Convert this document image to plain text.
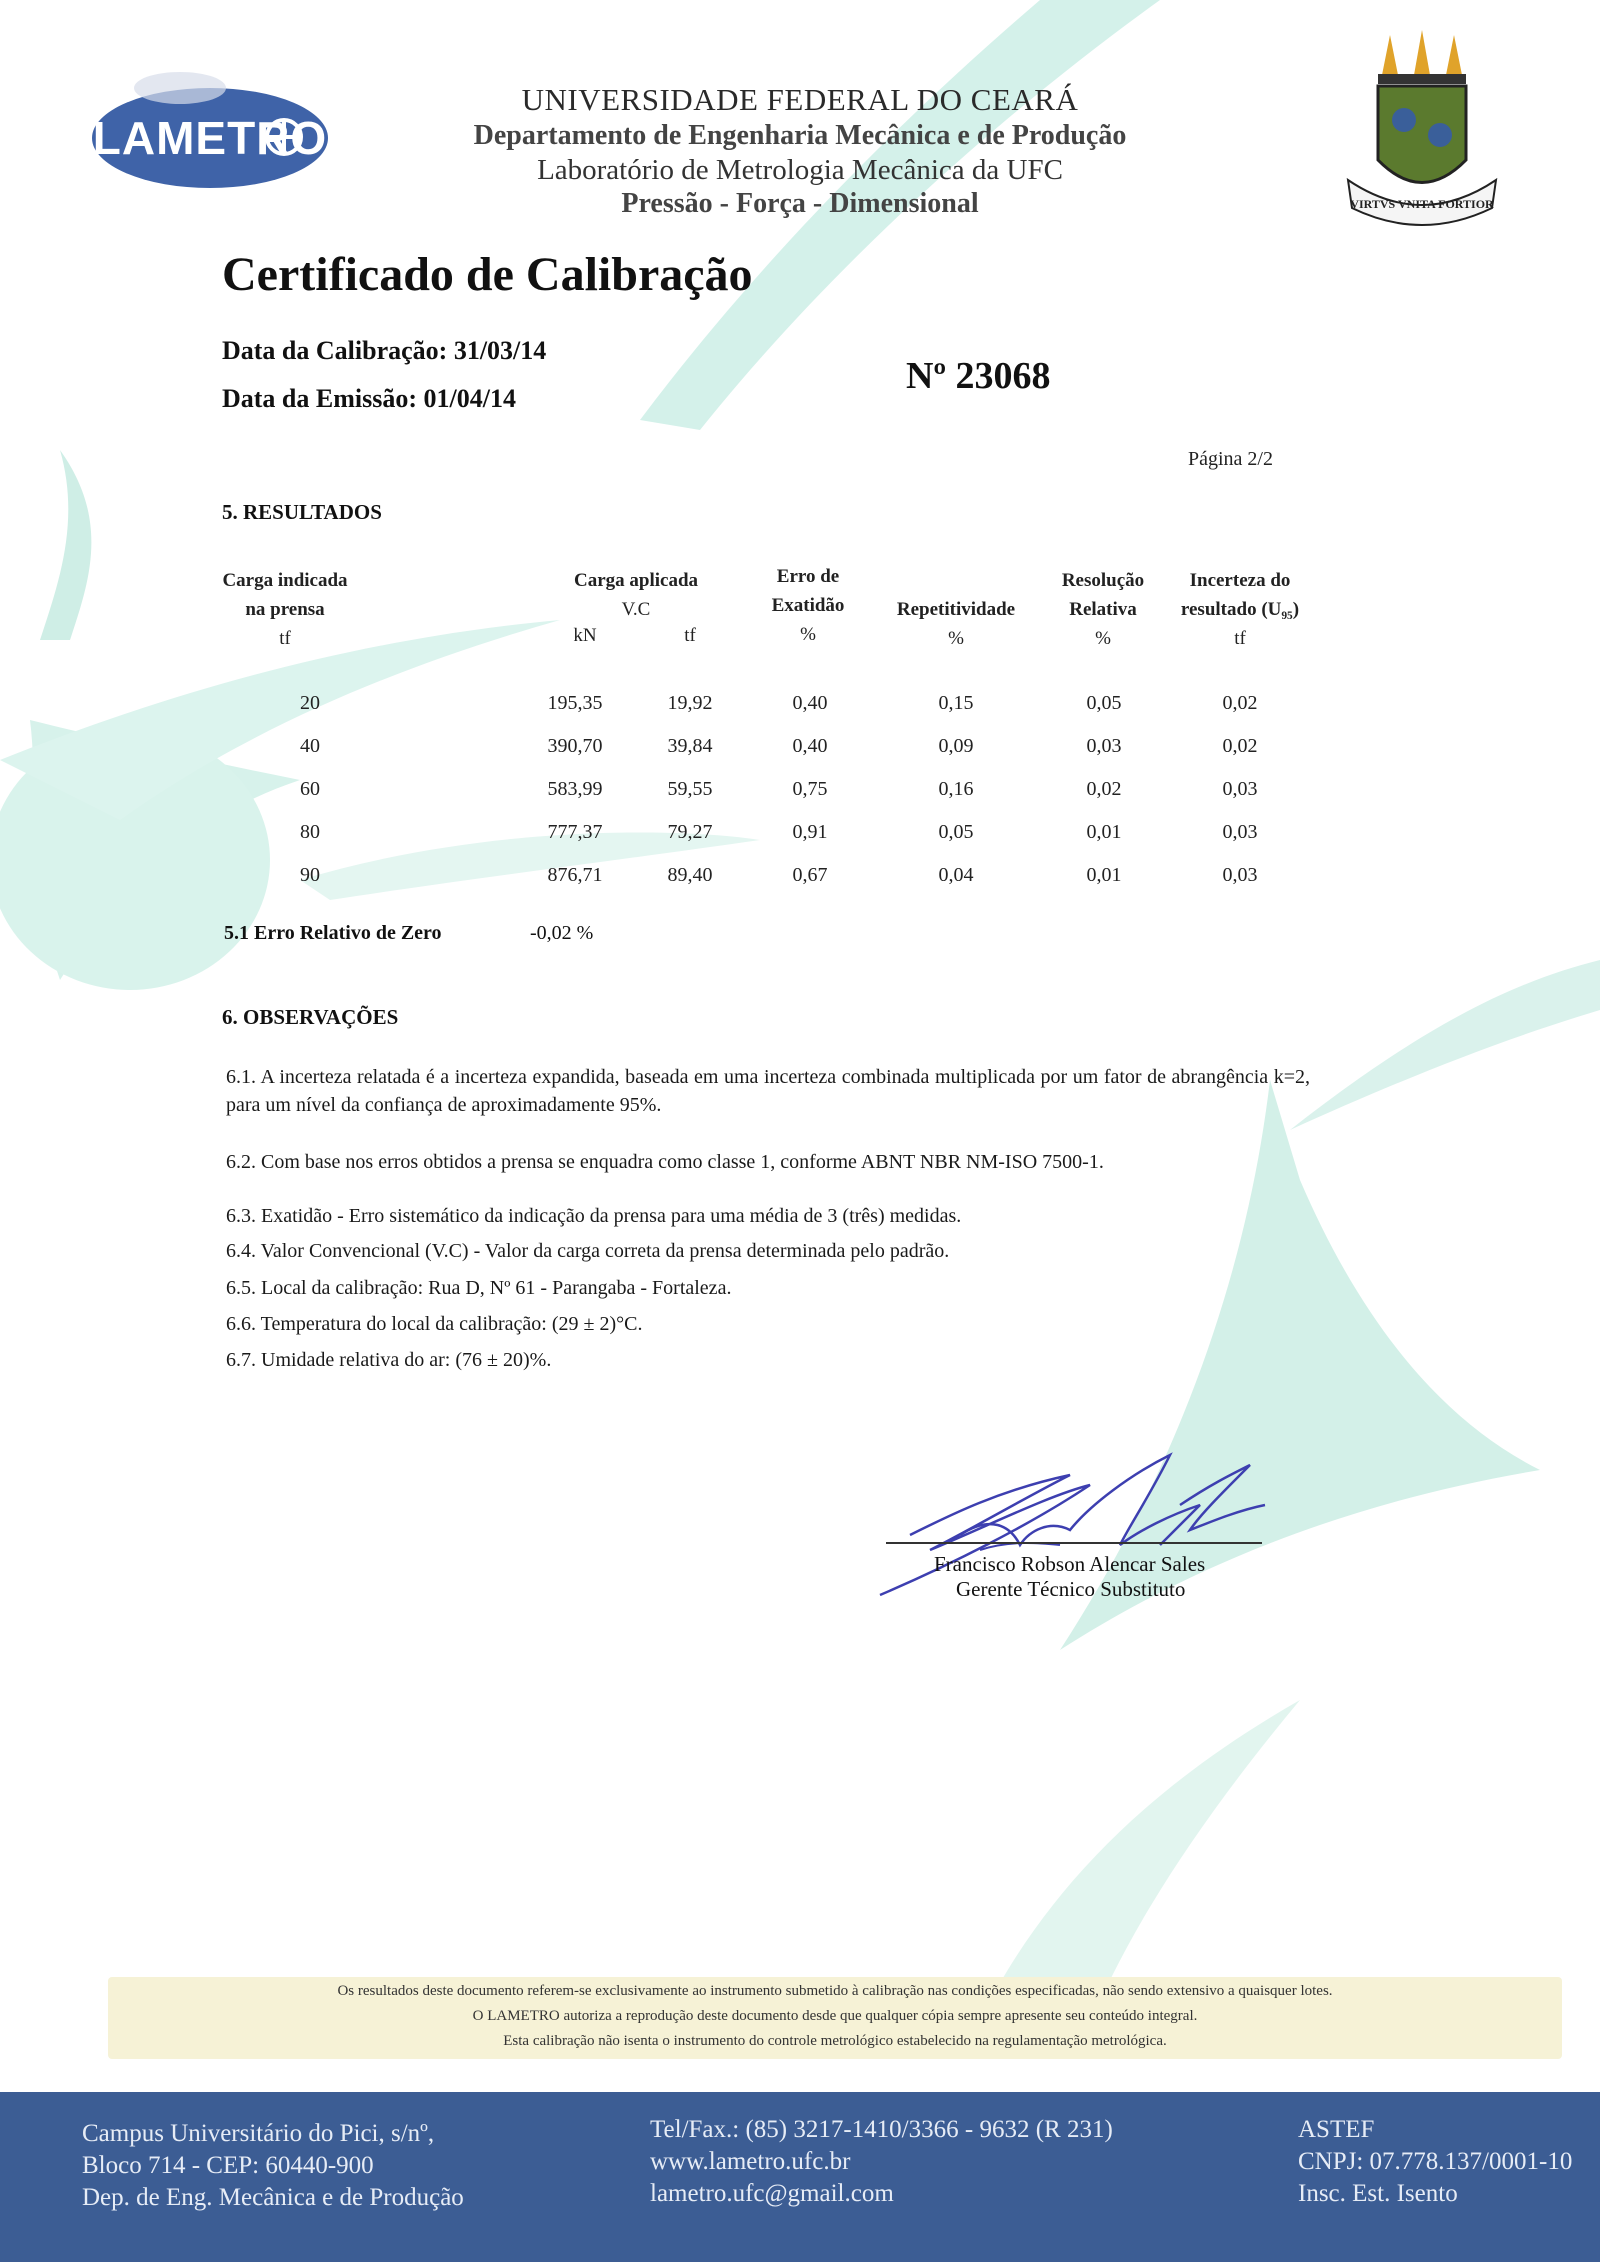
LAMETRO
VIRTVS VNITA FORTIOR
UNIVERSIDADE FEDERAL DO CEARÁ
Departamento de Engenharia Mecânica e de Produção
Laboratório de Metrologia Mecânica da UFC
Pressão - Força - Dimensional
Certificado de Calibração
Data da Calibração: 31/03/14
Data da Emissão: 01/04/14
Nº 23068
Página 2/2
5. RESULTADOS
Carga indicada
na prensa
tf
Carga aplicada
V.C
kN	tf
Erro de
Exatidão
%
Repetitividade
%
Resolução
Relativa
%
Incerteza do
resultado (U₉₅)
tf
20	195,35	19,92	0,40	0,15	0,05	0,02
40	390,70	39,84	0,40	0,09	0,03	0,02
60	583,99	59,55	0,75	0,16	0,02	0,03
80	777,37	79,27	0,91	0,05	0,01	0,03
90	876,71	89,40	0,67	0,04	0,01	0,03
5.1 Erro Relativo de Zero	-0,02 %
6. OBSERVAÇÕES
6.1. A incerteza relatada é a incerteza expandida, baseada em uma incerteza combinada multiplicada por um fator de abrangência k=2, para um nível da confiança de aproximadamente 95%.
6.2. Com base nos erros obtidos a prensa se enquadra como classe 1, conforme ABNT NBR NM-ISO 7500-1.
6.3. Exatidão - Erro sistemático da indicação da prensa para uma média de 3 (três) medidas.
6.4. Valor Convencional (V.C) - Valor da carga correta da prensa determinada pelo padrão.
6.5. Local da calibração: Rua D, Nº 61 - Parangaba - Fortaleza.
6.6. Temperatura do local da calibração: (29 ± 2)°C.
6.7. Umidade relativa do ar: (76 ± 20)%.
Francisco Robson Alencar Sales
Gerente Técnico Substituto
Os resultados deste documento referem-se exclusivamente ao instrumento submetido à calibração nas condições especificadas, não sendo extensivo a quaisquer lotes.
O LAMETRO autoriza a reprodução deste documento desde que qualquer cópia sempre apresente seu conteúdo integral.
Esta calibração não isenta o instrumento do controle metrológico estabelecido na regulamentação metrológica.
Campus Universitário do Pici, s/nº,
Bloco 714 - CEP: 60440-900
Dep. de Eng. Mecânica e de Produção
Tel/Fax.: (85) 3217-1410/3366 - 9632 (R 231)
www.lametro.ufc.br
lametro.ufc@gmail.com
ASTEF
CNPJ: 07.778.137/0001-10
Insc. Est. Isento
